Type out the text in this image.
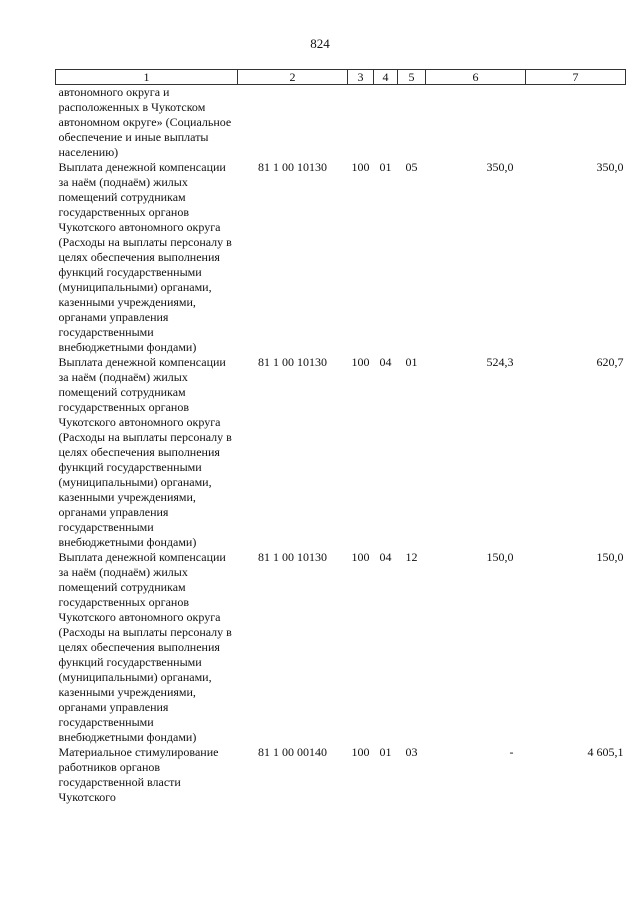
824
1	2	3	4	5	6	7
автономного округа и расположенных в Чукотском автономном округе» (Социальное обеспечение и иные выплаты населению)						
Выплата денежной компенсации за наём (поднаём) жилых помещений сотрудникам государственных органов Чукотского автономного округа (Расходы на выплаты персоналу в целях обеспечения выполнения функций государственными (муниципальными) органами, казенными учреждениями, органами управления государственными внебюджетными фондами)	81 1 00 10130	100	01	05	350,0	350,0
Выплата денежной компенсации за наём (поднаём) жилых помещений сотрудникам государственных органов Чукотского автономного округа (Расходы на выплаты персоналу в целях обеспечения выполнения функций государственными (муниципальными) органами, казенными учреждениями, органами управления государственными внебюджетными фондами)	81 1 00 10130	100	04	01	524,3	620,7
Выплата денежной компенсации за наём (поднаём) жилых помещений сотрудникам государственных органов Чукотского автономного округа (Расходы на выплаты персоналу в целях обеспечения выполнения функций государственными (муниципальными) органами, казенными учреждениями, органами управления государственными внебюджетными фондами)	81 1 00 10130	100	04	12	150,0	150,0
Материальное стимулирование работников органов государственной власти Чукотского	81 1 00 00140	100	01	03	-	4 605,1
